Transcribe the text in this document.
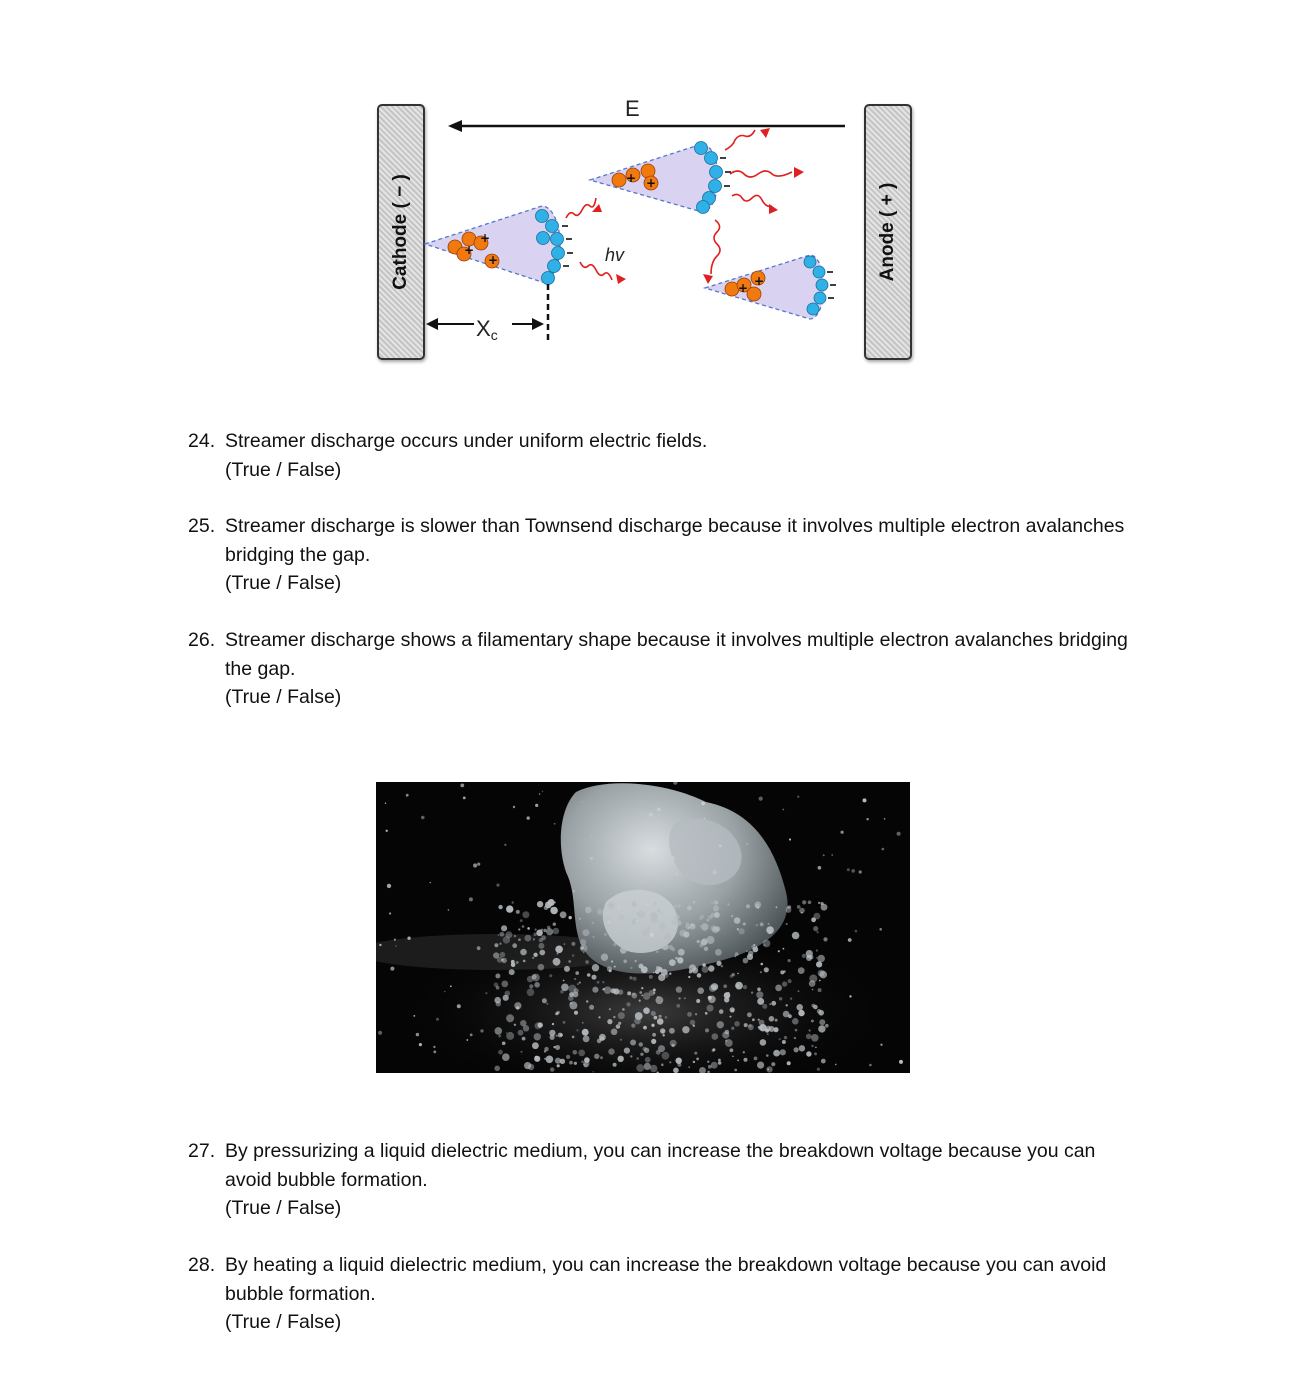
Cathode ( − )	Anode ( + )
+
+
+
+ +
+ +
E
hv
$X_c$
24. Streamer discharge occurs under uniform electric fields.
(True / False)
25. Streamer discharge is slower than Townsend discharge because it involves multiple electron avalanches bridging the gap.
(True / False)
26. Streamer discharge shows a filamentary shape because it involves multiple electron avalanches bridging the gap.
(True / False)
27. By pressurizing a liquid dielectric medium, you can increase the breakdown voltage because you can avoid bubble formation.
(True / False)
28. By heating a liquid dielectric medium, you can increase the breakdown voltage because you can avoid bubble formation.
(True / False)
